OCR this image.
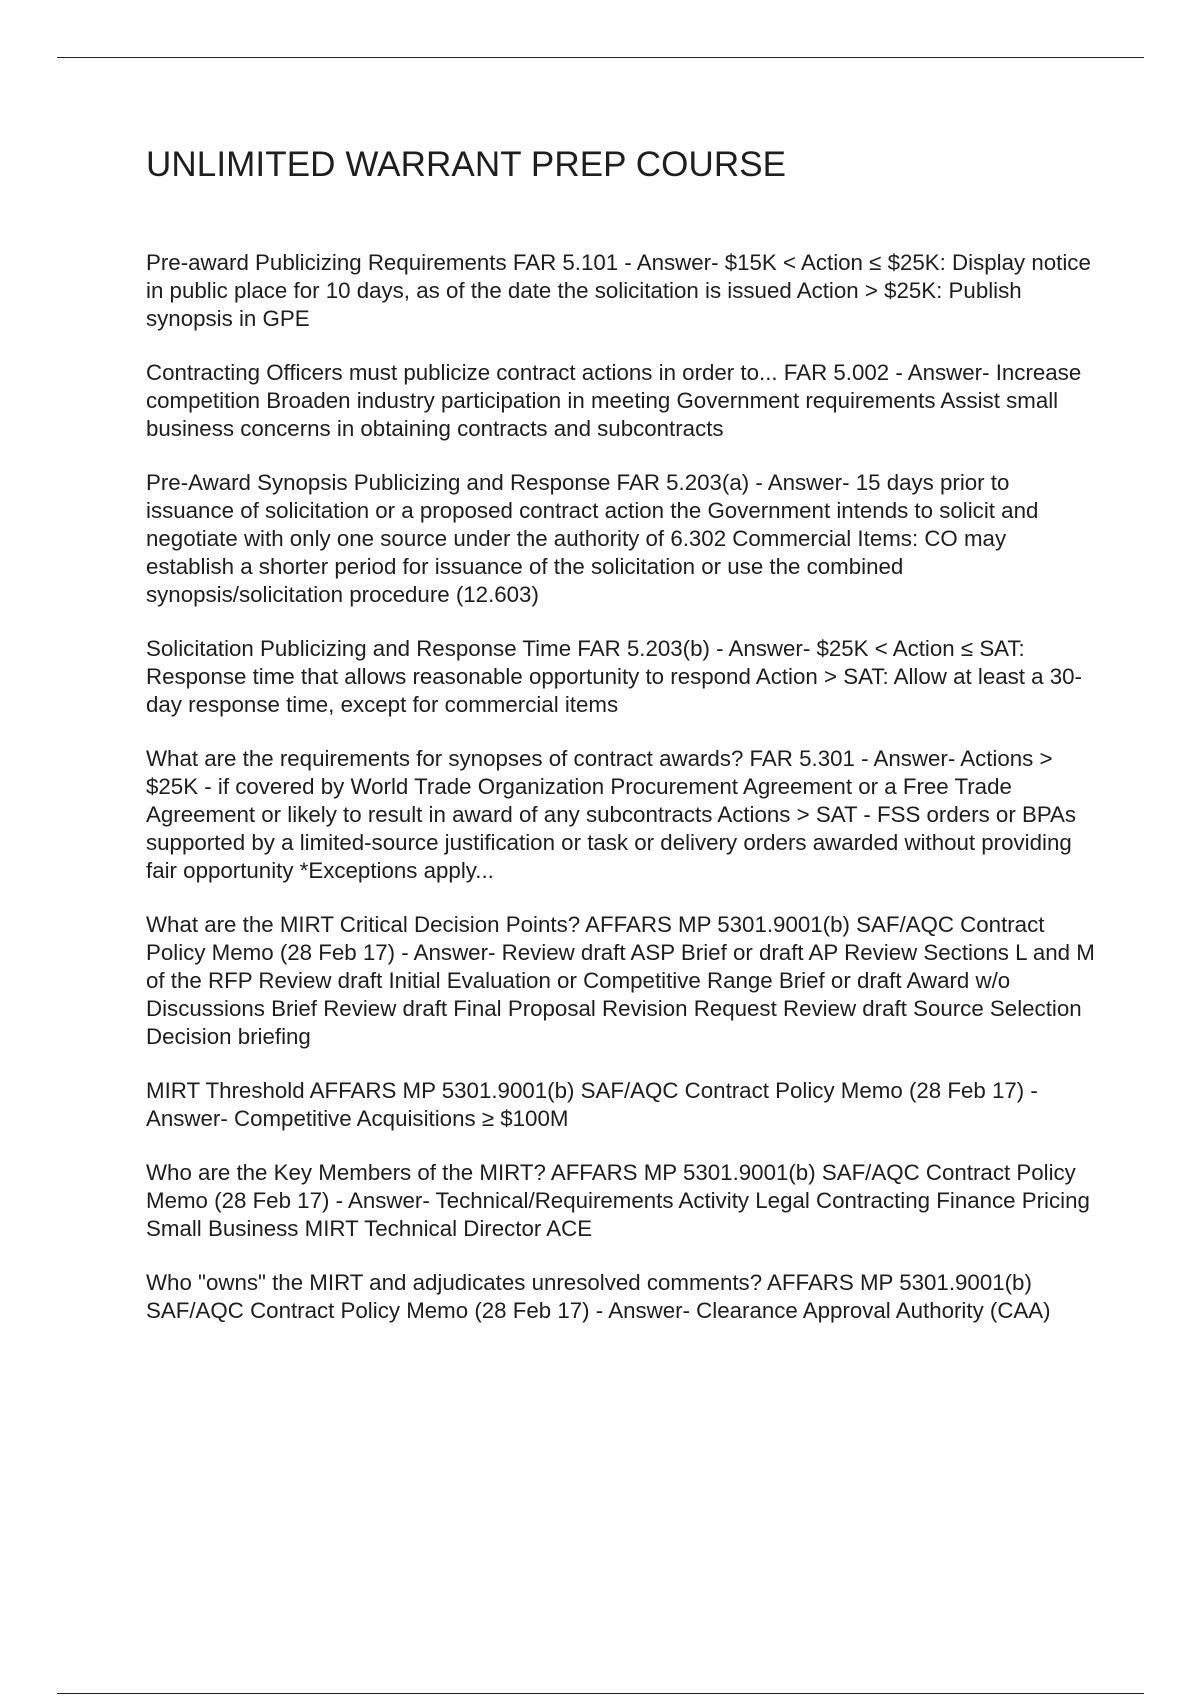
UNLIMITED WARRANT PREP COURSE
Pre-award Publicizing Requirements FAR 5.101 - Answer- $15K < Action ≤ $25K: Display notice in public place for 10 days, as of the date the solicitation is issued Action > $25K: Publish synopsis in GPE
Contracting Officers must publicize contract actions in order to... FAR 5.002 - Answer- Increase competition Broaden industry participation in meeting Government requirements Assist small business concerns in obtaining contracts and subcontracts
Pre-Award Synopsis Publicizing and Response FAR 5.203(a) - Answer- 15 days prior to issuance of solicitation or a proposed contract action the Government intends to solicit and negotiate with only one source under the authority of 6.302 Commercial Items: CO may establish a shorter period for issuance of the solicitation or use the combined synopsis/solicitation procedure (12.603)
Solicitation Publicizing and Response Time FAR 5.203(b) - Answer- $25K < Action ≤ SAT: Response time that allows reasonable opportunity to respond Action > SAT: Allow at least a 30-day response time, except for commercial items
What are the requirements for synopses of contract awards? FAR 5.301 - Answer- Actions > $25K - if covered by World Trade Organization Procurement Agreement or a Free Trade Agreement or likely to result in award of any subcontracts Actions > SAT - FSS orders or BPAs supported by a limited-source justification or task or delivery orders awarded without providing fair opportunity *Exceptions apply...
What are the MIRT Critical Decision Points? AFFARS MP 5301.9001(b) SAF/AQC Contract Policy Memo (28 Feb 17) - Answer- Review draft ASP Brief or draft AP Review Sections L and M of the RFP Review draft Initial Evaluation or Competitive Range Brief or draft Award w/o Discussions Brief Review draft Final Proposal Revision Request Review draft Source Selection Decision briefing
MIRT Threshold AFFARS MP 5301.9001(b) SAF/AQC Contract Policy Memo (28 Feb 17) - Answer- Competitive Acquisitions ≥ $100M
Who are the Key Members of the MIRT? AFFARS MP 5301.9001(b) SAF/AQC Contract Policy Memo (28 Feb 17) - Answer- Technical/Requirements Activity Legal Contracting Finance Pricing Small Business MIRT Technical Director ACE
Who "owns" the MIRT and adjudicates unresolved comments? AFFARS MP 5301.9001(b) SAF/AQC Contract Policy Memo (28 Feb 17) - Answer- Clearance Approval Authority (CAA)
